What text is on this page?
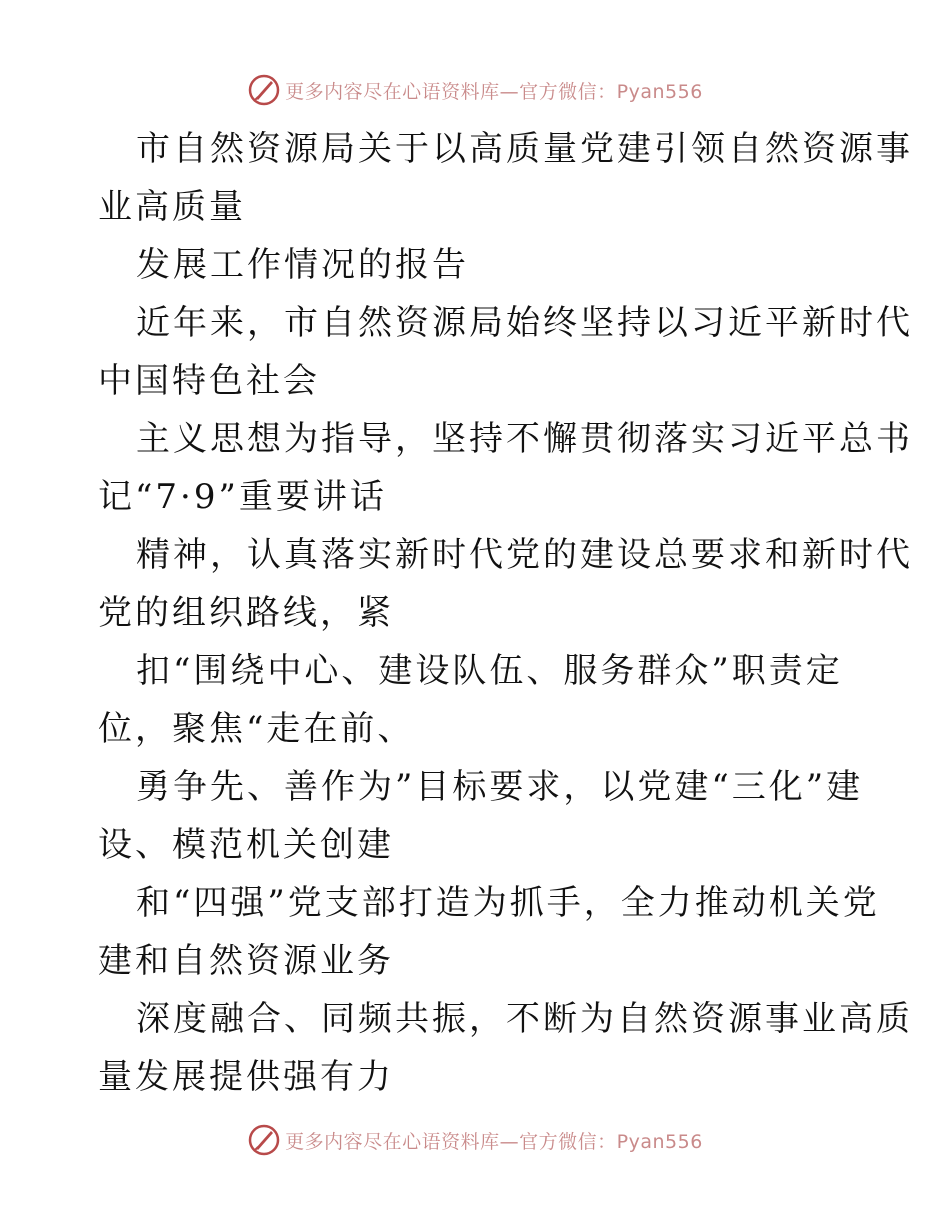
更多内容尽在心语资料库—官方微信：Pyan556

市自然资源局关于以高质量党建引领自然资源事

业高质量

发展工作情况的报告

近年来，市自然资源局始终坚持以习近平新时代

中国特色社会

主义思想为指导，坚持不懈贯彻落实习近平总书

记“7·9”重要讲话

精神，认真落实新时代党的建设总要求和新时代

党的组织路线，紧

扣“围绕中心、建设队伍、服务群众”职责定

位，聚焦“走在前、

勇争先、善作为”目标要求，以党建“三化”建

设、模范机关创建

和“四强”党支部打造为抓手，全力推动机关党

建和自然资源业务

深度融合、同频共振，不断为自然资源事业高质

量发展提供强有力

更多内容尽在心语资料库—官方微信：Pyan556
